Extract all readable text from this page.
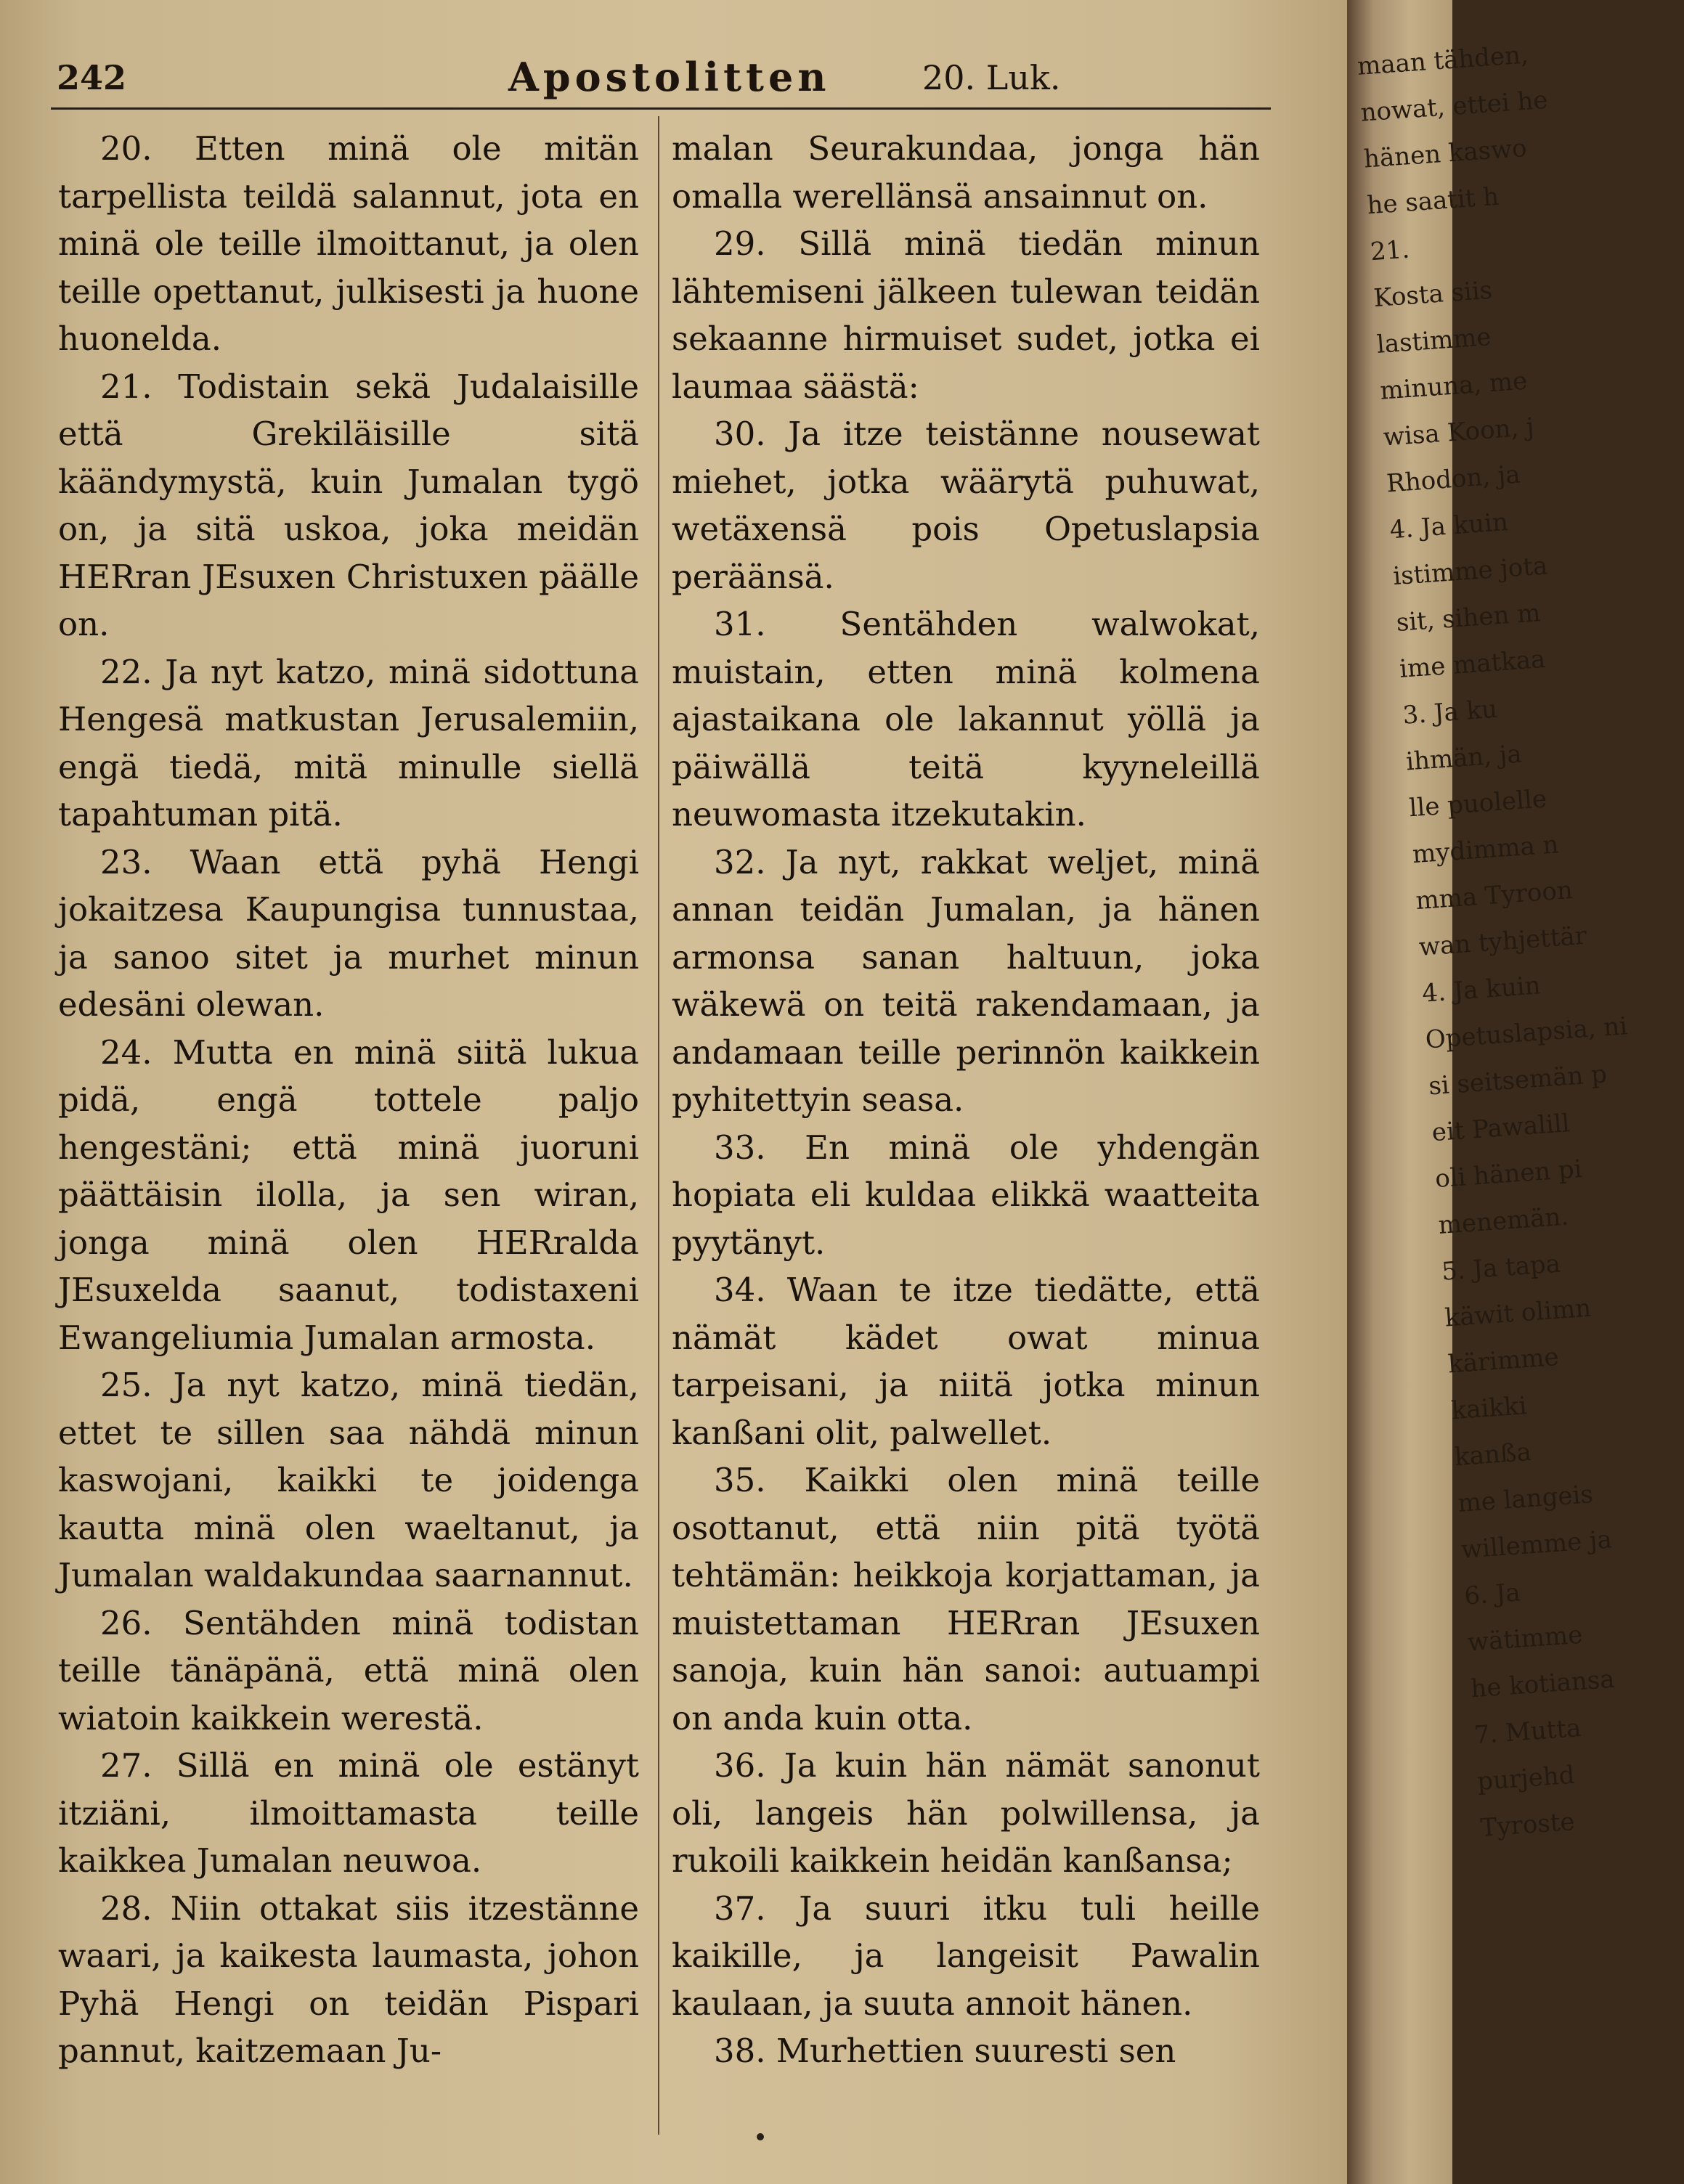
242	Apostolitten	20. Luk.

20. Etten minä ole mitän tarpellista teildä salannut, jota en minä ole teille ilmoittanut, ja olen teille opettanut, julkisesti ja huone huonelda.

21. Todistain sekä Judalaisille että Grekiläisille sitä käändymystä, kuin Jumalan tygö on, ja sitä uskoa, joka meidän HERran JEsuxen Christuxen päälle on.

22. Ja nyt katzo, minä sidottuna Hengesä matkustan Jerusalemiin, engä tiedä, mitä minulle siellä tapahtuman pitä.

23. Waan että pyhä Hengi jokaitzesa Kaupungisa tunnustaa, ja sanoo sitet ja murhet minun edesäni olewan.

24. Mutta en minä siitä lukua pidä, engä tottele paljo hengestäni; että minä juoruni päättäisin ilolla, ja sen wiran, jonga minä olen HERralda JEsuxelda saanut, todistaxeni Ewangeliumia Jumalan armosta.

25. Ja nyt katzo, minä tiedän, ettet te sillen saa nähdä minun kaswojani, kaikki te joidenga kautta minä olen waeltanut, ja Jumalan waldakundaa saarnannut.

26. Sentähden minä todistan teille tänäpänä, että minä olen wiatoin kaikkein werestä.

27. Sillä en minä ole estänyt itziäni, ilmoittamasta teille kaikkea Jumalan neuwoa.

28. Niin ottakat siis itzestänne waari, ja kaikesta laumasta, johon Pyhä Hengi on teidän Pispari pannut, kaitzemaan Ju-

malan Seurakundaa, jonga hän omalla werellänsä ansainnut on.

29. Sillä minä tiedän minun lähtemiseni jälkeen tulewan teidän sekaanne hirmuiset sudet, jotka ei laumaa säästä:

30. Ja itze teistänne nousewat miehet, jotka wäärytä puhuwat, wetäxensä pois Opetuslapsia peräänsä.

31. Sentähden walwokat, muistain, etten minä kolmena ajastaikana ole lakannut yöllä ja päiwällä teitä kyyneleillä neuwomasta itzekutakin.

32. Ja nyt, rakkat weljet, minä annan teidän Jumalan, ja hänen armonsa sanan haltuun, joka wäkewä on teitä rakendamaan, ja andamaan teille perinnön kaikkein pyhitettyin seasa.

33. En minä ole yhdengän hopiata eli kuldaa elikkä waatteita pyytänyt.

34. Waan te itze tiedätte, että nämät kädet owat minua tarpeisani, ja niitä jotka minun kanßani olit, palwellet.

35. Kaikki olen minä teille osottanut, että niin pitä työtä tehtämän: heikkoja korjattaman, ja muistettaman HERran JEsuxen sanoja, kuin hän sanoi: autuampi on anda kuin otta.

36. Ja kuin hän nämät sanonut oli, langeis hän polwillensa, ja rukoili kaikkein heidän kanßansa;

37. Ja suuri itku tuli heille kaikille, ja langeisit Pawalin kaulaan, ja suuta annoit hänen.

38. Murhettien suuresti sen

maan tähden,
nowat, ettei he
hänen kaswo
he saatit h
21.
Kosta siis
lastimme
minuna, me
wisa Koon, j
Rhodon, ja
4. Ja kuin
istimme jota
sit, sihen m
ime matkaa
3. Ja ku
ihmän, ja
lle puolelle
mydimma n
mma Tyroon
wan tyhjettär
4. Ja kuin
Opetuslapsia, ni
si seitsemän p
eit Pawalill
oli hänen pi
menemän.
5. Ja tapa
käwit olimn
kärimme
kaikki
kanßa
me langeis
willemme ja
6. Ja
wätimme
he kotiansa
7. Mutta
purjehd
Tyroste
